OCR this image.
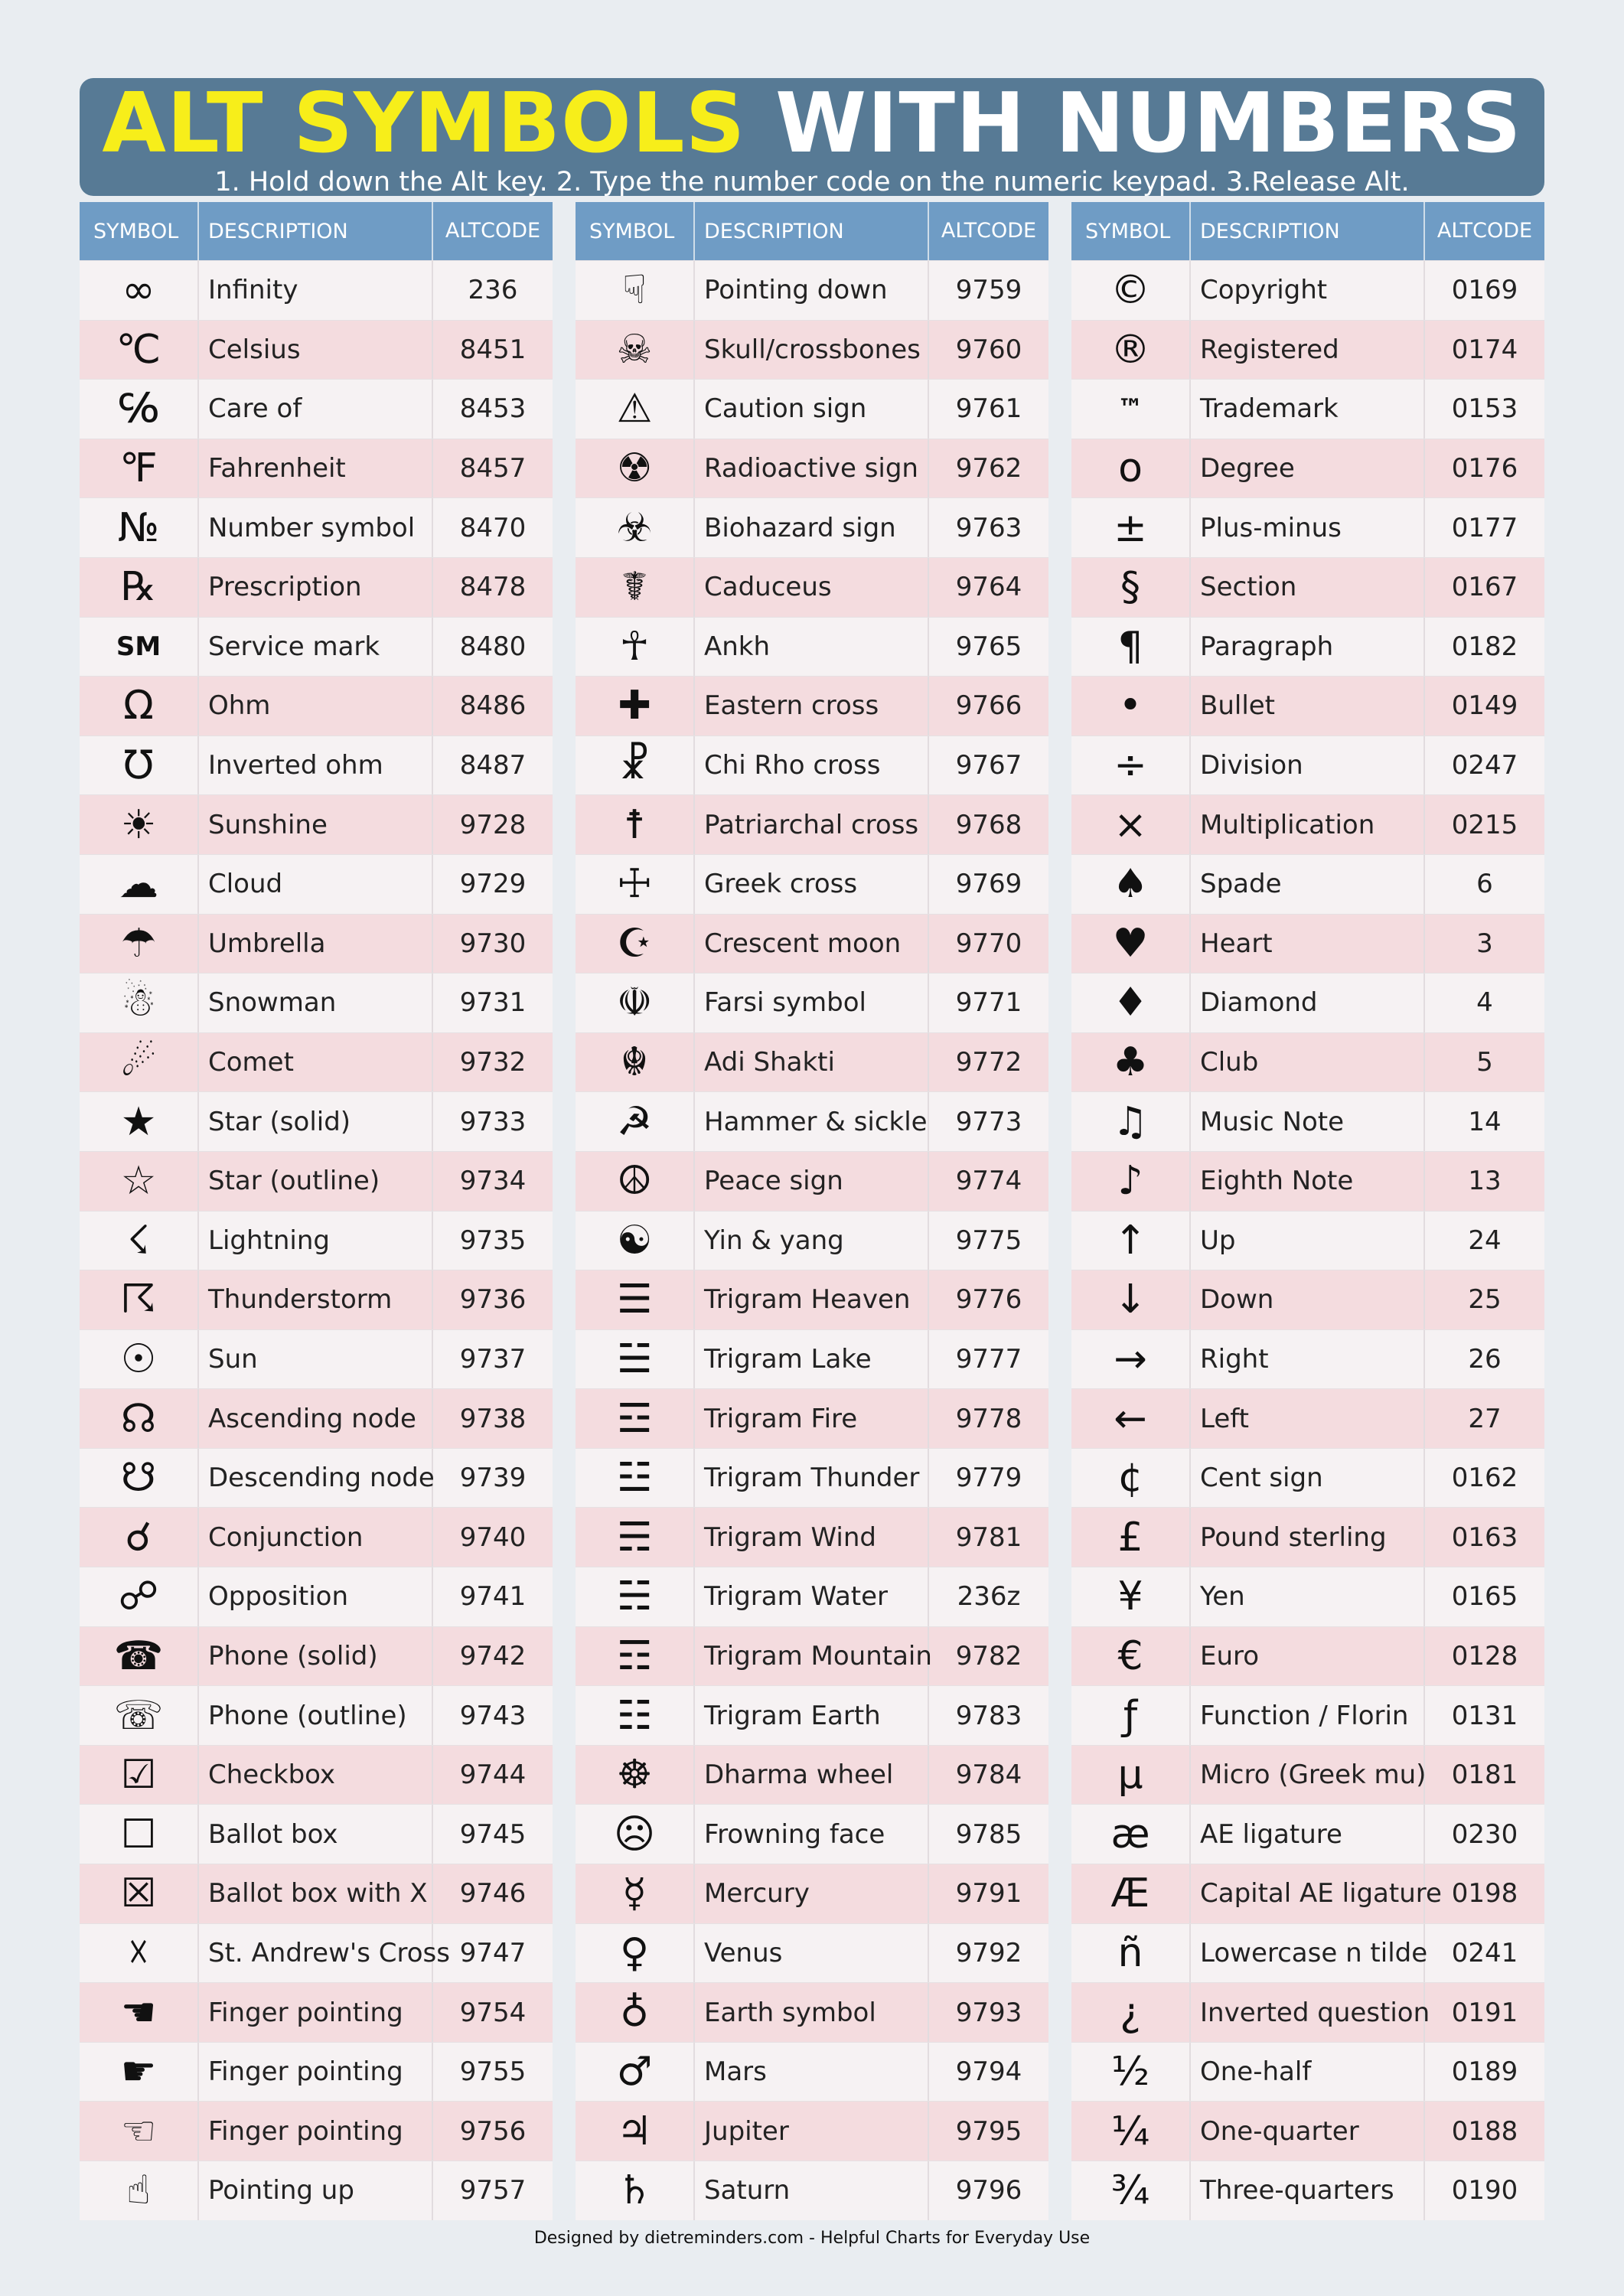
ALT SYMBOLS WITH NUMBERS
1. Hold down the Alt key. 2. Type the number code on the numeric keypad. 3.Release Alt.
SYMBOL	DESCRIPTION	ALT CODE
∞	Infinity	236
℃	Celsius	8451
℅	Care of	8453
℉	Fahrenheit	8457
№	Number symbol	8470
℞	Prescription	8478
SM	Service mark	8480
Ω	Ohm	8486
℧	Inverted ohm	8487
☀	Sunshine	9728
☁	Cloud	9729
☂	Umbrella	9730
☃	Snowman	9731
☄	Comet	9732
★	Star (solid)	9733
☆	Star (outline)	9734
☇	Lightning	9735
☈	Thunderstorm	9736
☉	Sun	9737
☊	Ascending node	9738
☋	Descending node 9739
☌	Conjunction	9740
☍	Opposition	9741
☎	Phone (solid)	9742
☏	Phone (outline)	9743
☑	Checkbox	9744
☐	Ballot box	9745
☒	Ballot box with X	9746
☓	St. Andrew's Cross 9747
☚	Finger pointing	9754
☛	Finger pointing	9755
☜	Finger pointing	9756
☝	Pointing up	9757
SYMBOL	DESCRIPTION	ALT CODE
☟	Pointing down	9759
☠	Skull/crossbones	9760
⚠	Caution sign	9761
☢	Radioactive sign	9762
☣	Biohazard sign	9763
☤	Caduceus	9764
☥	Ankh	9765
✚	Eastern cross	9766
☧	Chi Rho cross	9767
☨	Patriarchal cross	9768
☩	Greek cross	9769
☪	Crescent moon	9770
☫	Farsi symbol	9771
☬	Adi Shakti	9772
☭	Hammer & sickle	9773
☮	Peace sign	9774
☯	Yin & yang	9775
☰	Trigram Heaven	9776
☱	Trigram Lake	9777
☲	Trigram Fire	9778
☳	Trigram Thunder	9779
☴	Trigram Wind	9781
☵	Trigram Water	236z
☶	Trigram Mountain 9782
☷	Trigram Earth	9783
☸	Dharma wheel	9784
☹	Frowning face	9785
☿	Mercury	9791
♀	Venus	9792
♁	Earth symbol	9793
♂	Mars	9794
♃	Jupiter	9795
♄	Saturn	9796
SYMBOL	DESCRIPTION	ALT CODE
©	Copyright	0169
®	Registered	0174
™	Trademark	0153
o	Degree	0176
±	Plus-minus	0177
§	Section	0167
¶	Paragraph	0182
•	Bullet	0149
÷	Division	0247
×	Multiplication	0215
♠	Spade	6
♥	Heart	3
♦	Diamond	4
♣	Club	5
♫	Music Note	14
♪	Eighth Note	13
↑	Up	24
↓	Down	25
→	Right	26
←	Left	27
¢	Cent sign	0162
£	Pound sterling	0163
¥	Yen	0165
€	Euro	0128
ƒ	Function / Florin	0131
µ	Micro (Greek mu) 0181
æ	AE ligature	0230
Æ	Capital AE ligature 0198
ñ	Lowercase n tilde 0241
¿	Inverted question 0191
½	One-half	0189
¼	One-quarter	0188
¾	Three-quarters	0190
Designed by dietreminders.com - Helpful Charts for Everyday Use
